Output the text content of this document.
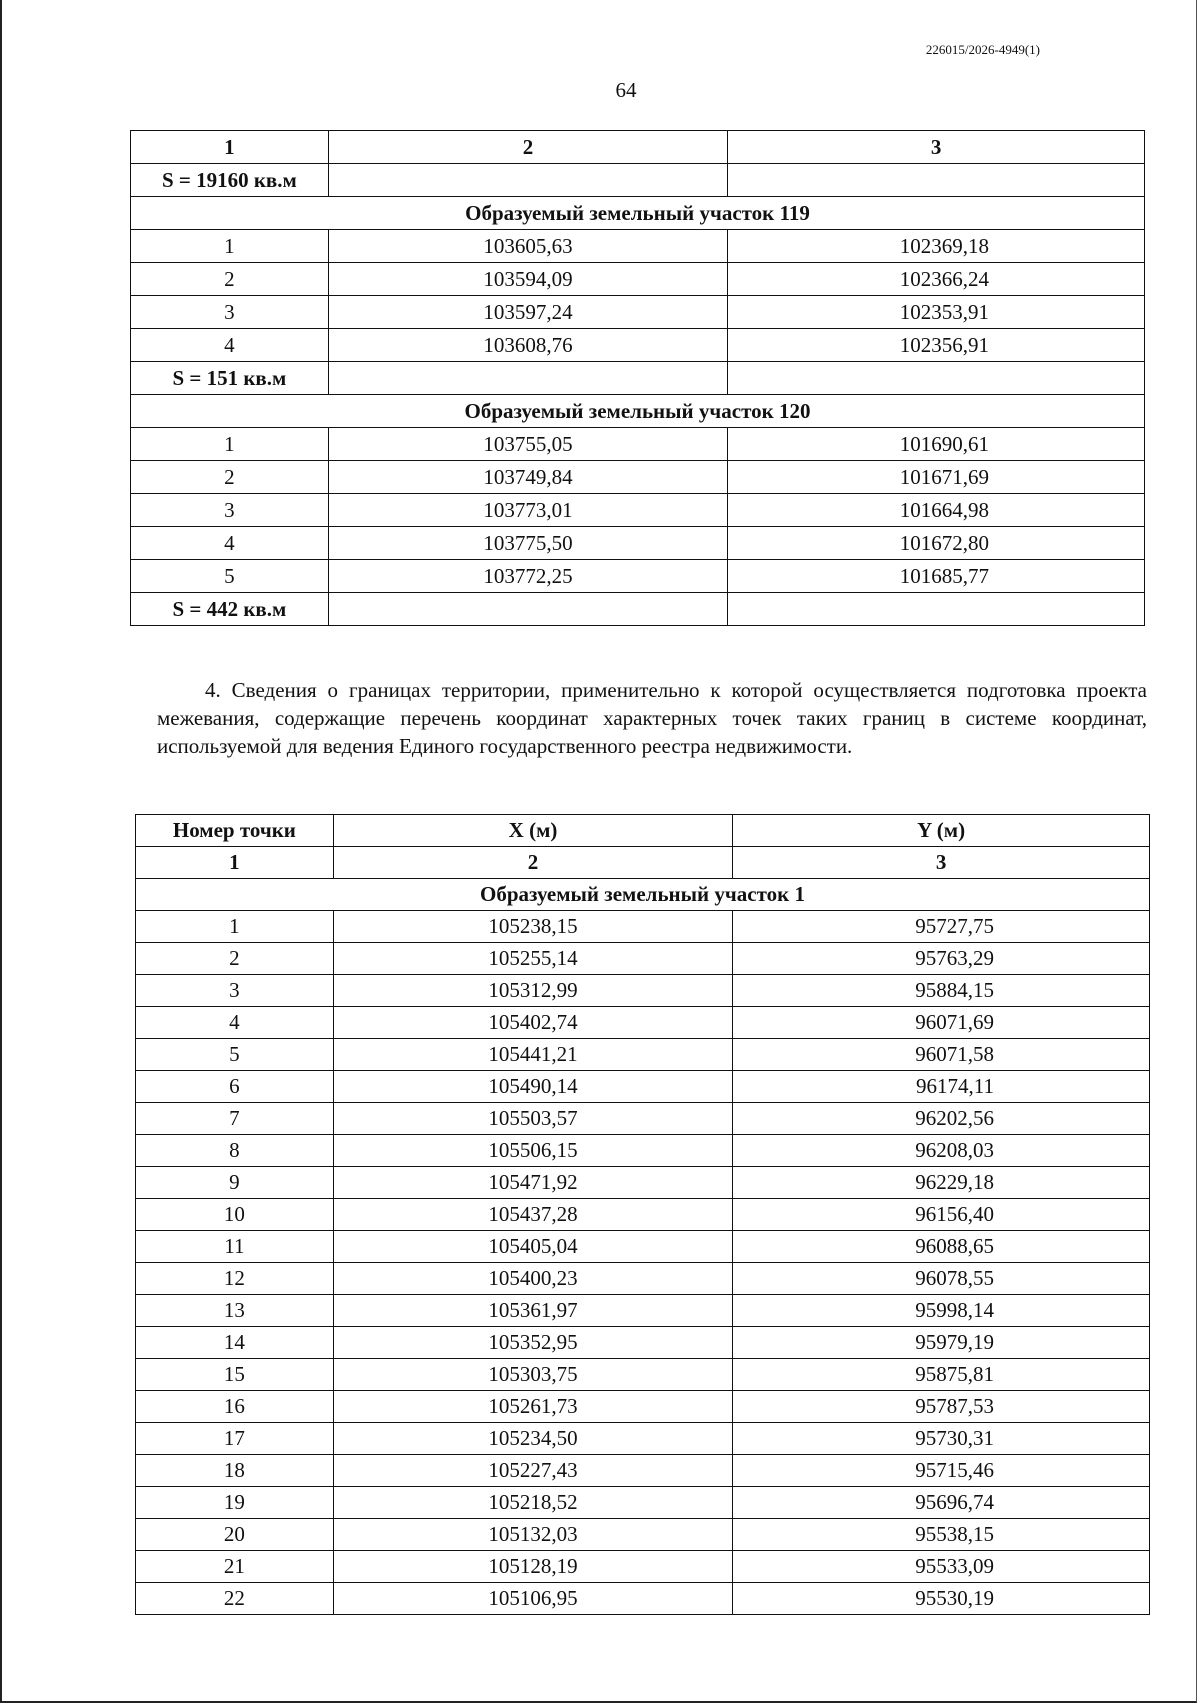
226015/2026-4949(1)
64
1	2	3
S = 19160 кв.м		
Образуемый земельный участок 119		
1	103605,63	102369,18
2	103594,09	102366,24
3	103597,24	102353,91
4	103608,76	102356,91
S = 151 кв.м		
Образуемый земельный участок 120		
1	103755,05	101690,61
2	103749,84	101671,69
3	103773,01	101664,98
4	103775,50	101672,80
5	103772,25	101685,77
S = 442 кв.м		
4. Сведения о границах территории, применительно к которой осуществляется подготовка проекта межевания, содержащие перечень координат характерных точек таких границ в системе координат, используемой для ведения Единого государственного реестра недвижимости.
Номер точки	X (м)	Y (м)
1	2	3
Образуемый земельный участок 1		
1	105238,15	95727,75
2	105255,14	95763,29
3	105312,99	95884,15
4	105402,74	96071,69
5	105441,21	96071,58
6	105490,14	96174,11
7	105503,57	96202,56
8	105506,15	96208,03
9	105471,92	96229,18
10	105437,28	96156,40
11	105405,04	96088,65
12	105400,23	96078,55
13	105361,97	95998,14
14	105352,95	95979,19
15	105303,75	95875,81
16	105261,73	95787,53
17	105234,50	95730,31
18	105227,43	95715,46
19	105218,52	95696,74
20	105132,03	95538,15
21	105128,19	95533,09
22	105106,95	95530,19
